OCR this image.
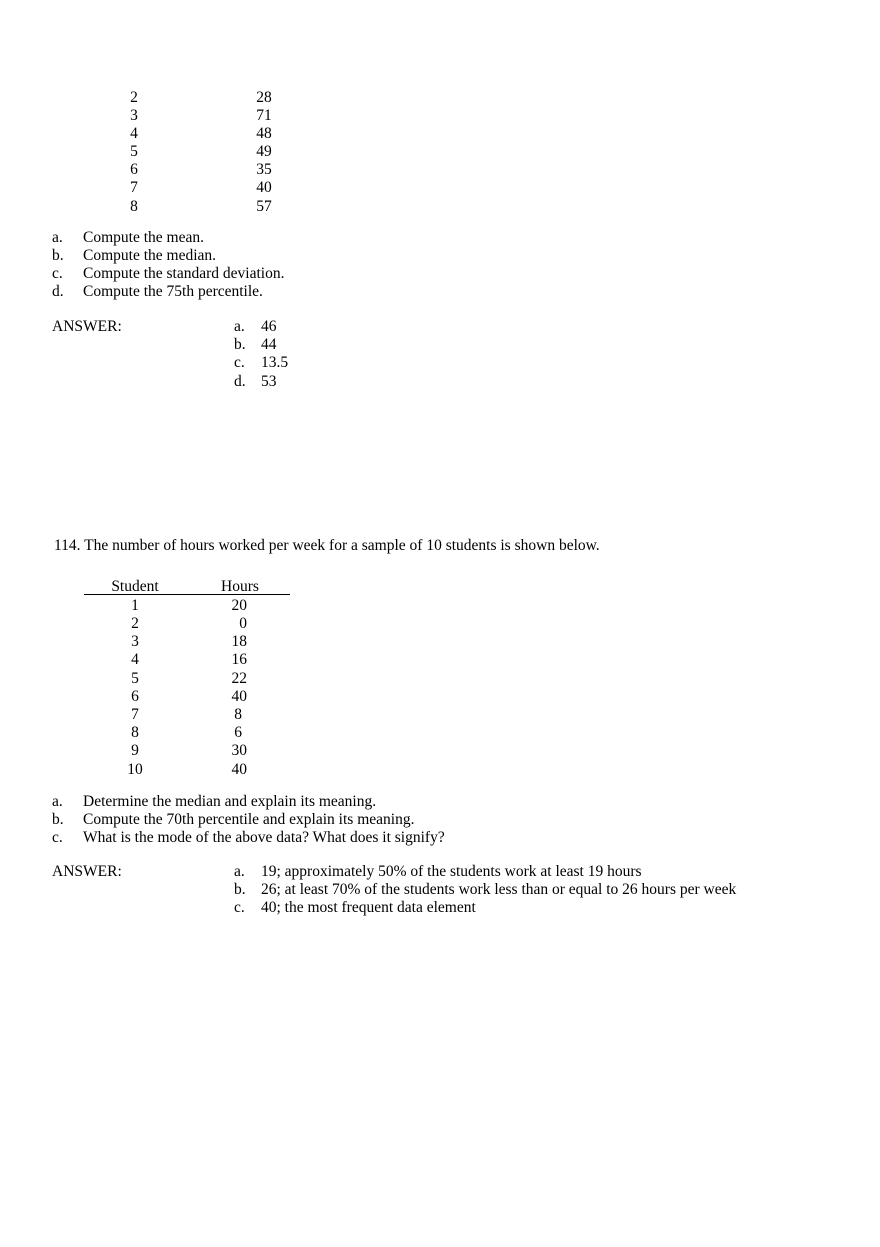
2	28
3	71
4	48
5	49
6	35
7	40
8	57
a. Compute the mean.
b. Compute the median.
c. Compute the standard deviation.
d. Compute the 75th percentile.
ANSWER:	a. 46
b. 44
c. 13.5
d. 53
114. The number of hours worked per week for a sample of 10 students is shown below.
Student	Hours
1	20
2	0
3	18
4	16
5	22
6	40
7	8
8	6
9	30
10	40
a. Determine the median and explain its meaning.
b. Compute the 70th percentile and explain its meaning.
c. What is the mode of the above data? What does it signify?
ANSWER:	a. 19; approximately 50% of the students work at least 19 hours
b. 26; at least 70% of the students work less than or equal to 26 hours per week
c. 40; the most frequent data element
